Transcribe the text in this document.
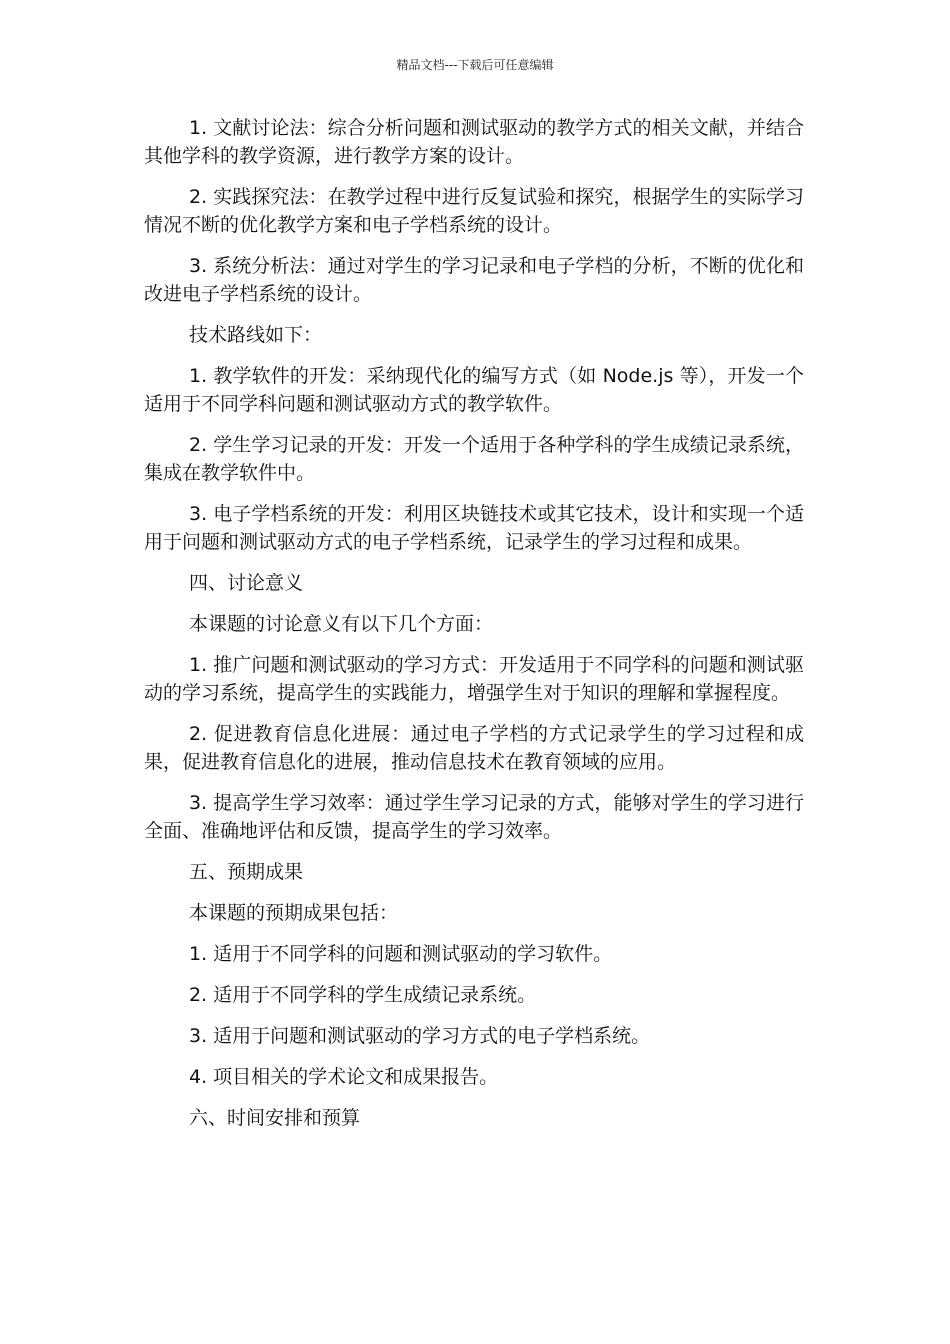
精品文档---下载后可任意编辑

1. 文献讨论法：综合分析问题和测试驱动的教学方式的相关文献，并结合其他学科的教学资源，进行教学方案的设计。

2. 实践探究法：在教学过程中进行反复试验和探究，根据学生的实际学习情况不断的优化教学方案和电子学档系统的设计。

3. 系统分析法：通过对学生的学习记录和电子学档的分析，不断的优化和改进电子学档系统的设计。

技术路线如下：

1. 教学软件的开发：采纳现代化的编写方式（如 Node.js 等），开发一个适用于不同学科问题和测试驱动方式的教学软件。

2. 学生学习记录的开发：开发一个适用于各种学科的学生成绩记录系统，集成在教学软件中。

3. 电子学档系统的开发：利用区块链技术或其它技术，设计和实现一个适用于问题和测试驱动方式的电子学档系统，记录学生的学习过程和成果。

四、讨论意义

本课题的讨论意义有以下几个方面：

1. 推广问题和测试驱动的学习方式：开发适用于不同学科的问题和测试驱动的学习系统，提高学生的实践能力，增强学生对于知识的理解和掌握程度。

2. 促进教育信息化进展：通过电子学档的方式记录学生的学习过程和成果，促进教育信息化的进展，推动信息技术在教育领域的应用。

3. 提高学生学习效率：通过学生学习记录的方式，能够对学生的学习进行全面、准确地评估和反馈，提高学生的学习效率。

五、预期成果

本课题的预期成果包括：

1. 适用于不同学科的问题和测试驱动的学习软件。

2. 适用于不同学科的学生成绩记录系统。

3. 适用于问题和测试驱动的学习方式的电子学档系统。

4. 项目相关的学术论文和成果报告。

六、时间安排和预算
